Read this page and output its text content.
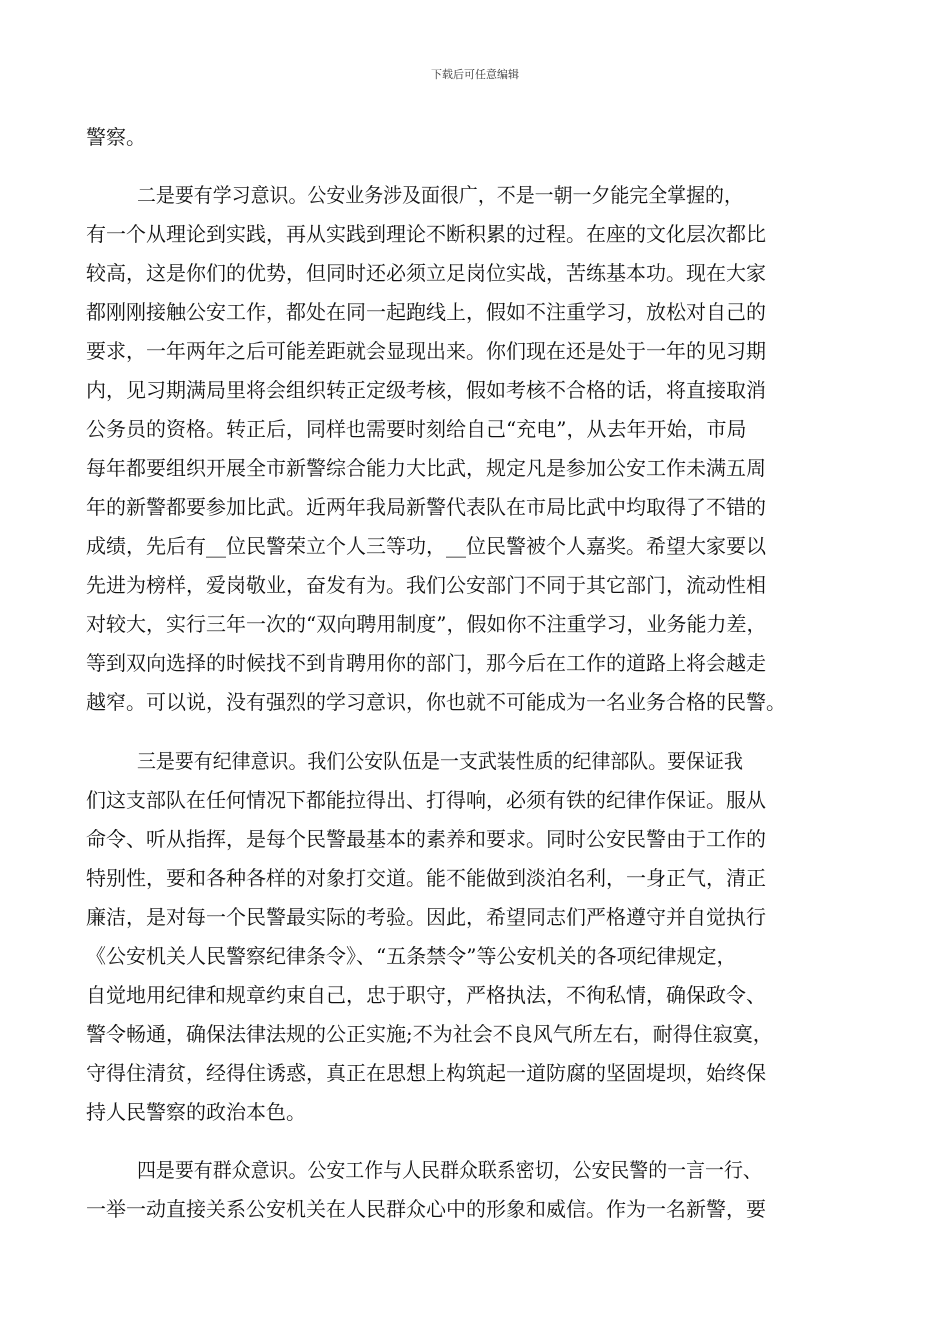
下载后可任意编辑
警察。
二是要有学习意识。公安业务涉及面很广，不是一朝一夕能完全掌握的，
有一个从理论到实践，再从实践到理论不断积累的过程。在座的文化层次都比
较高，这是你们的优势，但同时还必须立足岗位实战，苦练基本功。现在大家
都刚刚接触公安工作，都处在同一起跑线上，假如不注重学习，放松对自己的
要求，一年两年之后可能差距就会显现出来。你们现在还是处于一年的见习期
内，见习期满局里将会组织转正定级考核，假如考核不合格的话，将直接取消
公务员的资格。转正后，同样也需要时刻给自己“充电”，从去年开始，市局
每年都要组织开展全市新警综合能力大比武，规定凡是参加公安工作未满五周
年的新警都要参加比武。近两年我局新警代表队在市局比武中均取得了不错的
成绩，先后有__位民警荣立个人三等功，__位民警被个人嘉奖。希望大家要以
先进为榜样，爱岗敬业，奋发有为。我们公安部门不同于其它部门，流动性相
对较大，实行三年一次的“双向聘用制度”，假如你不注重学习，业务能力差，
等到双向选择的时候找不到肯聘用你的部门，那今后在工作的道路上将会越走
越窄。可以说，没有强烈的学习意识，你也就不可能成为一名业务合格的民警。
三是要有纪律意识。我们公安队伍是一支武装性质的纪律部队。要保证我
们这支部队在任何情况下都能拉得出、打得响，必须有铁的纪律作保证。服从
命令、听从指挥，是每个民警最基本的素养和要求。同时公安民警由于工作的
特别性，要和各种各样的对象打交道。能不能做到淡泊名利，一身正气，清正
廉洁，是对每一个民警最实际的考验。因此，希望同志们严格遵守并自觉执行
《公安机关人民警察纪律条令》、“五条禁令”等公安机关的各项纪律规定，
自觉地用纪律和规章约束自己，忠于职守，严格执法，不徇私情，确保政令、
警令畅通，确保法律法规的公正实施;不为社会不良风气所左右，耐得住寂寞，
守得住清贫，经得住诱惑，真正在思想上构筑起一道防腐的坚固堤坝，始终保
持人民警察的政治本色。
四是要有群众意识。公安工作与人民群众联系密切，公安民警的一言一行、
一举一动直接关系公安机关在人民群众心中的形象和威信。作为一名新警，要
